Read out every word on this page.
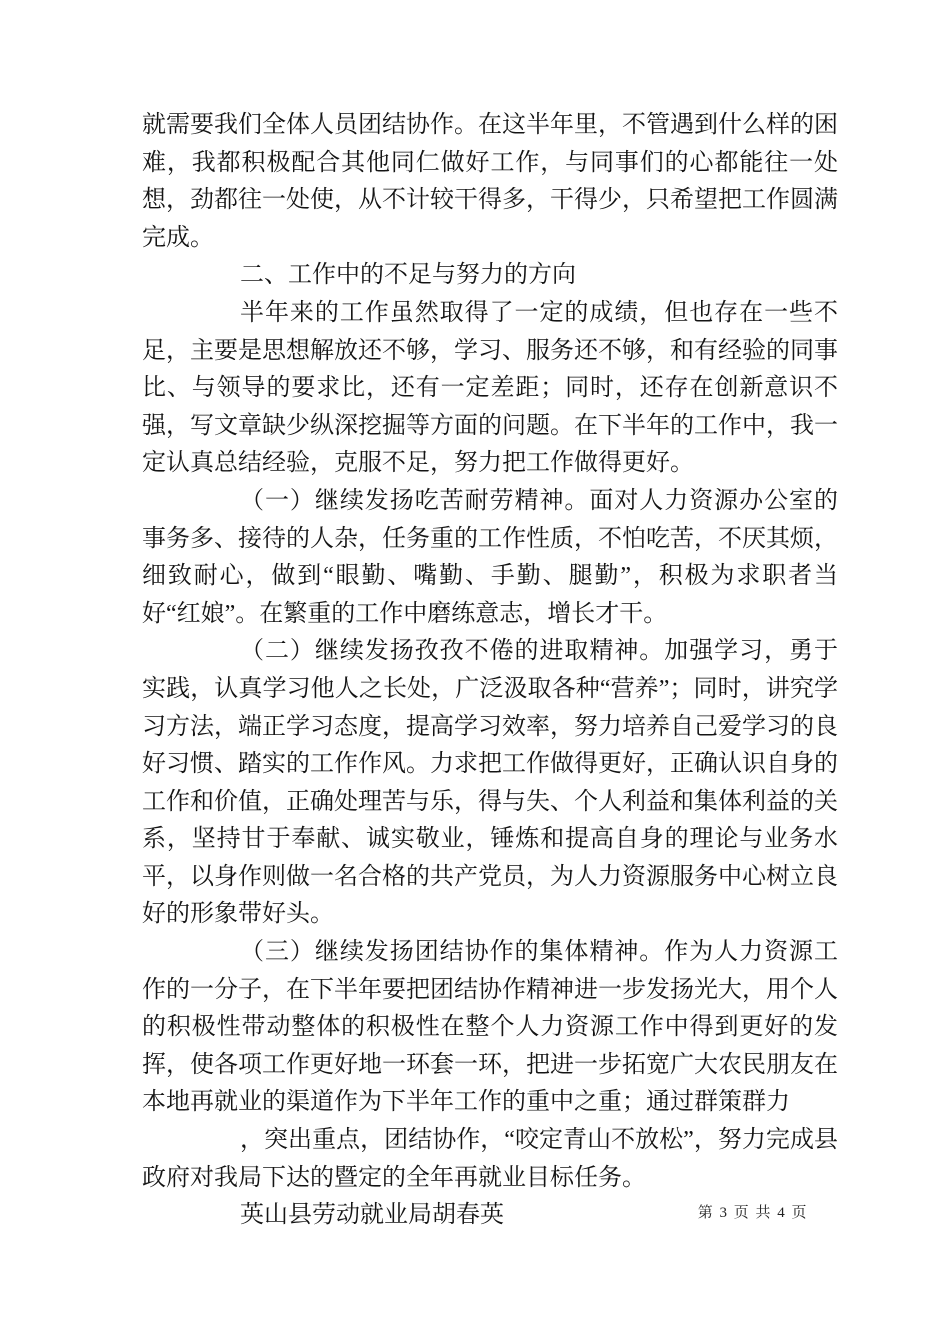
就需要我们全体人员团结协作。在这半年里，不管遇到什么样的困难，我都积极配合其他同仁做好工作，与同事们的心都能往一处想，劲都往一处使，从不计较干得多，干得少，只希望把工作圆满完成。

二、工作中的不足与努力的方向

半年来的工作虽然取得了一定的成绩，但也存在一些不足，主要是思想解放还不够，学习、服务还不够，和有经验的同事比、与领导的要求比，还有一定差距；同时，还存在创新意识不强，写文章缺少纵深挖掘等方面的问题。在下半年的工作中，我一定认真总结经验，克服不足，努力把工作做得更好。

（一）继续发扬吃苦耐劳精神。面对人力资源办公室的事务多、接待的人杂，任务重的工作性质，不怕吃苦，不厌其烦，细致耐心，做到“眼勤、嘴勤、手勤、腿勤”，积极为求职者当好“红娘”。在繁重的工作中磨练意志，增长才干。

（二）继续发扬孜孜不倦的进取精神。加强学习，勇于实践，认真学习他人之长处，广泛汲取各种“营养”；同时，讲究学习方法，端正学习态度，提高学习效率，努力培养自己爱学习的良好习惯、踏实的工作作风。力求把工作做得更好，正确认识自身的工作和价值，正确处理苦与乐，得与失、个人利益和集体利益的关系，坚持甘于奉献、诚实敬业，锤炼和提高自身的理论与业务水平，以身作则做一名合格的共产党员，为人力资源服务中心树立良好的形象带好头。

（三）继续发扬团结协作的集体精神。作为人力资源工作的一分子，在下半年要把团结协作精神进一步发扬光大，用个人的积极性带动整体的积极性在整个人力资源工作中得到更好的发挥，使各项工作更好地一环套一环，把进一步拓宽广大农民朋友在本地再就业的渠道作为下半年工作的重中之重；通过群策群力

，突出重点，团结协作，“咬定青山不放松”，努力完成县政府对我局下达的暨定的全年再就业目标任务。

英山县劳动就业局胡春英	第 3 页 共 4 页
